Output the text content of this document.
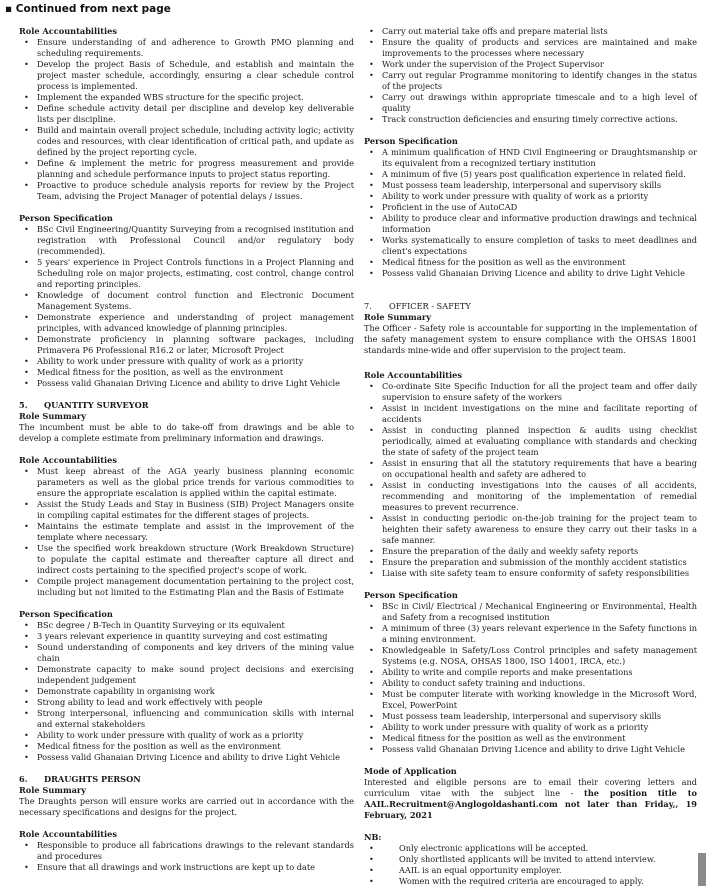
▪ Continued from next page
Role Accountabilities
• Ensure understanding of and adherence to Growth PMO planning and scheduling requirements.
• Develop the project Basis of Schedule, and establish and maintain the project master schedule, accordingly, ensuring a clear schedule control process is implemented.
• Implement the expanded WBS structure for the specific project.
• Define schedule activity detail per discipline and develop key deliverable lists per discipline.
• Build and maintain overall project schedule, including activity logic; activity codes and resources, with clear identification of critical path, and update as defined by the project reporting cycle.
• Define & implement the metric for progress measurement and provide planning and schedule performance inputs to project status reporting.
• Proactive to produce schedule analysis reports for review by the Project Team, advising the Project Manager of potential delays / issues.
Person Specification
• BSc Civil Engineering/Quantity Surveying from a recognised institution and registration with Professional Council and/or regulatory body (recommended).
• 5 years' experience in Project Controls functions in a Project Planning and Scheduling role on major projects, estimating, cost control, change control and reporting principles.
• Knowledge of document control function and Electronic Document Management Systems.
• Demonstrate experience and understanding of project management principles, with advanced knowledge of planning principles.
• Demonstrate proficiency in planning software packages, including Primavera P6 Professional R16.2 or later, Microsoft Project
• Ability to work under pressure with quality of work as a priority
• Medical fitness for the position, as well as the environment
• Possess valid Ghanaian Driving Licence and ability to drive Light Vehicle
5. QUANTITY SURVEYOR
Role Summary

The incumbent must be able to do take-off from drawings and be able to develop a complete estimate from preliminary information and drawings.

Role Accountabilities
• Must keep abreast of the AGA yearly business planning economic parameters as well as the global price trends for various commodities to ensure the appropriate escalation is applied within the capital estimate.
• Assist the Study Leads and Stay in Business (SIB) Project Managers onsite in compiling capital estimates for the different stages of projects.
• Maintains the estimate template and assist in the improvement of the template where necessary.
• Use the specified work breakdown structure (Work Breakdown Structure) to populate the capital estimate and thereafter capture all direct and indirect costs pertaining to the specified project's scope of work.
• Compile project management documentation pertaining to the project cost, including but not limited to the Estimating Plan and the Basis of Estimate
Person Specification
• BSc degree / B-Tech in Quantity Surveying or its equivalent
• 3 years relevant experience in quantity surveying and cost estimating
• Sound understanding of components and key drivers of the mining value chain
• Demonstrate capacity to make sound project decisions and exercising independent judgement
• Demonstrate capability in organising work
• Strong ability to lead and work effectively with people
• Strong interpersonal, influencing and communication skills with internal and external stakeholders
• Ability to work under pressure with quality of work as a priority
• Medical fitness for the position as well as the environment
• Possess valid Ghanaian Driving Licence and ability to drive Light Vehicle
6. DRAUGHTS PERSON
Role Summary

The Draughts person will ensure works are carried out in accordance with the necessary specifications and designs for the project.

Role Accountabilities
• Responsible to produce all fabrications drawings to the relevant standards and procedures
• Ensure that all drawings and work instructions are kept up to date
• Carry out material take offs and prepare material lists
• Ensure the quality of products and services are maintained and make improvements to the processes where necessary
• Work under the supervision of the Project Supervisor
• Carry out regular Programme monitoring to identify changes in the status of the projects
• Carry out drawings within appropriate timescale and to a high level of quality
• Track construction deficiencies and ensuring timely corrective actions.
Person Specification
• A minimum qualification of HND Civil Engineering or Draughtsmanship or its equivalent from a recognized tertiary institution
• A minimum of five (5) years post qualification experience in related field.
• Must possess team leadership, interpersonal and supervisory skills
• Ability to work under pressure with quality of work as a priority
• Proficient in the use of AutoCAD
• Ability to produce clear and informative production drawings and technical information
• Works systematically to ensure completion of tasks to meet deadlines and client's expectations
• Medical fitness for the position as well as the environment
• Possess valid Ghanaian Driving Licence and ability to drive Light Vehicle
7. OFFICER - SAFETY
Role Summary

The Officer - Safety role is accountable for supporting in the implementation of the safety management system to ensure compliance with the OHSAS 18001 standards mine-wide and offer supervision to the project team.

Role Accountabilities
• Co-ordinate Site Specific Induction for all the project team and offer daily supervision to ensure safety of the workers
• Assist in incident investigations on the mine and facilitate reporting of accidents
• Assist in conducting planned inspection & audits using checklist periodically, aimed at evaluating compliance with standards and checking the state of safety of the project team
• Assist in ensuring that all the statutory requirements that have a bearing on occupational health and safety are adhered to
• Assist in conducting investigations into the causes of all accidents, recommending and monitoring of the implementation of remedial measures to prevent recurrence.
• Assist in conducting periodic on-the-job training for the project team to heighten their safety awareness to ensure they carry out their tasks in a safe manner.
• Ensure the preparation of the daily and weekly safety reports
• Ensure the preparation and submission of the monthly accident statistics
• Liaise with site safety team to ensure conformity of safety responsibilities
Person Specification
• BSc in Civil/ Electrical / Mechanical Engineering or Environmental, Health and Safety from a recognised institution
• A minimum of three (3) years relevant experience in the Safety functions in a mining environment.
• Knowledgeable in Safety/Loss Control principles and safety management Systems (e.g. NOSA, OHSAS 1800, ISO 14001, IRCA, etc.)
• Ability to write and compile reports and make presentations
• Ability to conduct safety training and inductions.
• Must be computer literate with working knowledge in the Microsoft Word, Excel, PowerPoint
• Must possess team leadership, interpersonal and supervisory skills
• Ability to work under pressure with quality of work as a priority
• Medical fitness for the position as well as the environment
• Possess valid Ghanaian Driving Licence and ability to drive Light Vehicle
Mode of Application

Interested and eligible persons are to email their covering letters and curriculum vitae with the subject line - the position title to AAIL.Recruitment@Anglogoldashanti.com not later than Friday,, 19 February, 2021

NB:
• Only electronic applications will be accepted.
• Only shortlisted applicants will be invited to attend interview.
• AAIL is an equal opportunity employer.
• Women with the required criteria are encouraged to apply.
